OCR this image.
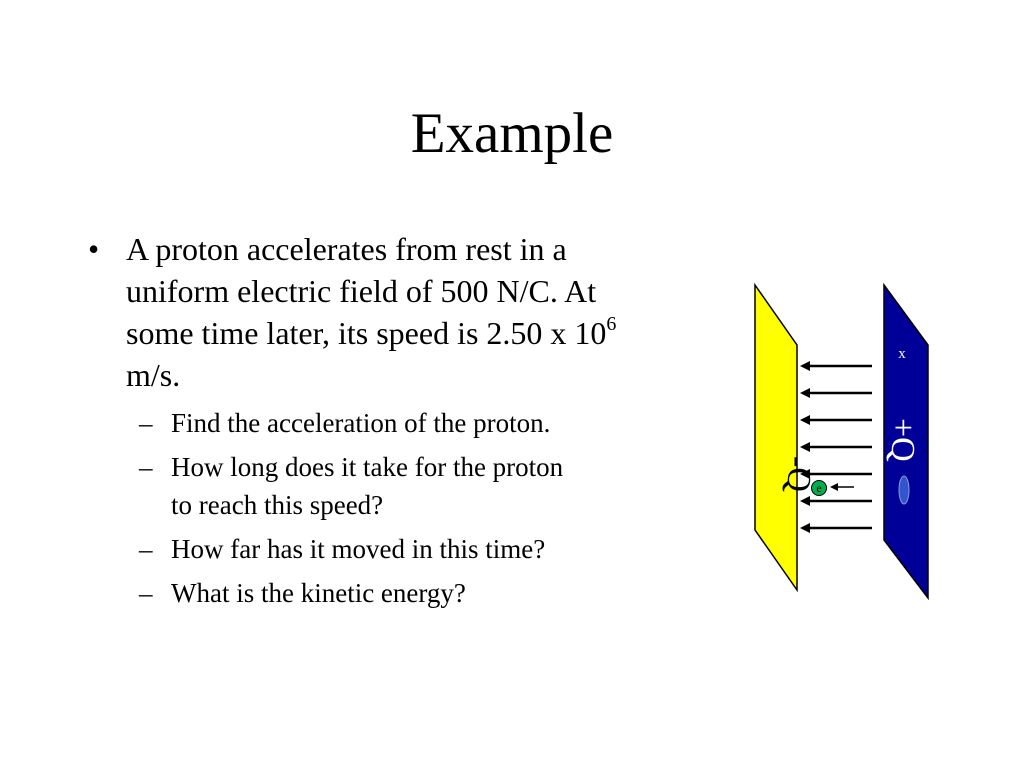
Example
• A proton accelerates from rest in a uniform electric field of 500 N/C. At some time later, its speed is 2.50 x $10^6$ m/s.
– Find the acceleration of the proton.
– How long does it take for the proton to reach this speed?
– How far has it moved in this time?
– What is the kinetic energy?
e
-Q
+Q
x
